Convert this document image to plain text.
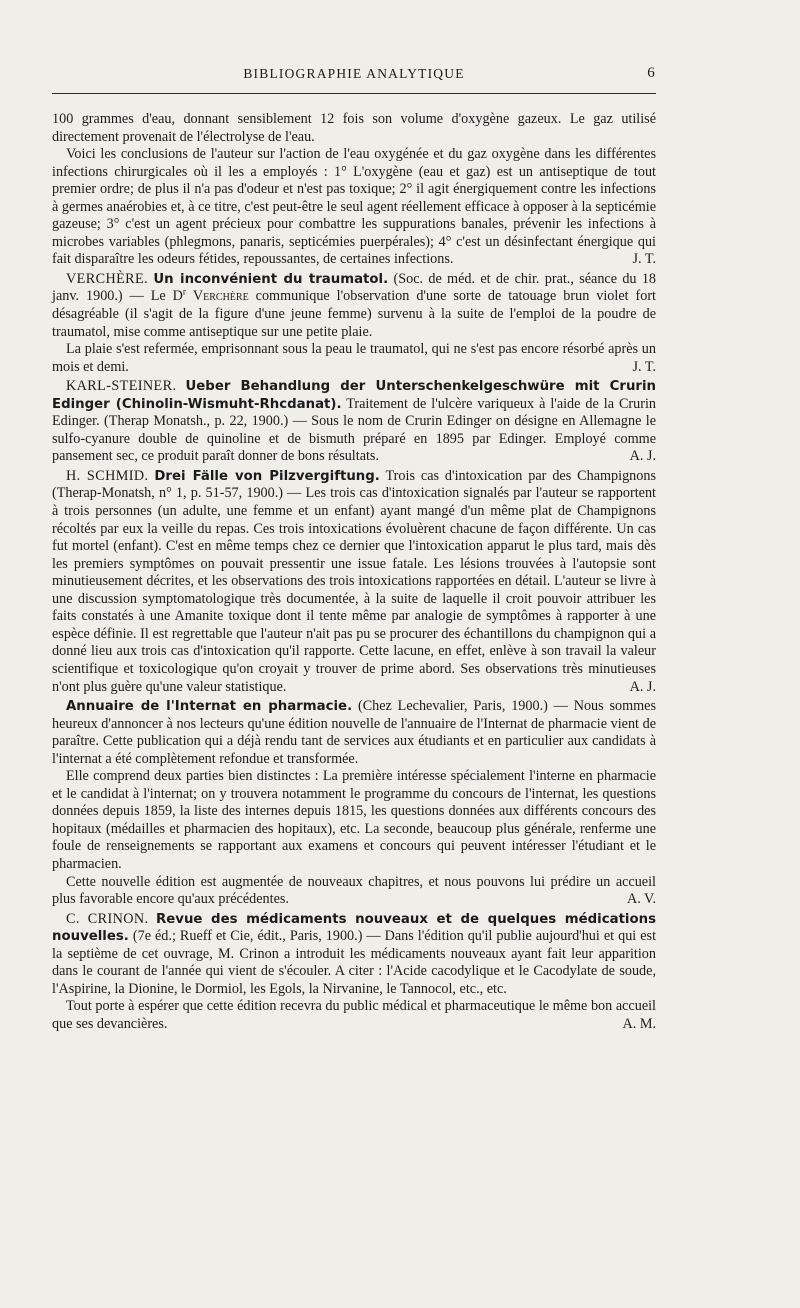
BIBLIOGRAPHIE ANALYTIQUE	6

100 grammes d'eau, donnant sensiblement 12 fois son volume d'oxygène gazeux. Le gaz utilisé directement provenait de l'électrolyse de l'eau.

Voici les conclusions de l'auteur sur l'action de l'eau oxygénée et du gaz oxygène dans les différentes infections chirurgicales où il les a employés : 1° L'oxygène (eau et gaz) est un antiseptique de tout premier ordre; de plus il n'a pas d'odeur et n'est pas toxique; 2° il agit énergiquement contre les infections à germes anaérobies et, à ce titre, c'est peut-être le seul agent réellement efficace à opposer à la septicémie gazeuse; 3° c'est un agent précieux pour combattre les suppurations banales, prévenir les infections à microbes variables (phlegmons, panaris, septicémies puerpérales); 4° c'est un désinfectant énergique qui fait disparaître les odeurs fétides, repoussantes, de certaines infections.	J. T.

VERCHÈRE. Un inconvénient du traumatol. (Soc. de méd. et de chir. prat., séance du 18 janv. 1900.) — Le $D^r$ Verchère communique l'observation d'une sorte de tatouage brun violet fort désagréable (il s'agit de la figure d'une jeune femme) survenu à la suite de l'emploi de la poudre de traumatol, mise comme antiseptique sur une petite plaie.

La plaie s'est refermée, emprisonnant sous la peau le traumatol, qui ne s'est pas encore résorbé après un mois et demi.	J. T.

KARL-STEINER. Ueber Behandlung der Unterschenkelgeschwüre mit Crurin Edinger (Chinolin-Wismuht-Rhcdanat). Traitement de l'ulcère variqueux à l'aide de la Crurin Edinger. (Therap Monatsh., p. 22, 1900.) — Sous le nom de Crurin Edinger on désigne en Allemagne le sulfo-cyanure double de quinoline et de bismuth préparé en 1895 par Edinger. Employé comme pansement sec, ce produit paraît donner de bons résultats.	A. J.

H. SCHMID. Drei Fälle von Pilzvergiftung. Trois cas d'intoxication par des Champignons (Therap-Monatsh, n° 1, p. 51-57, 1900.) — Les trois cas d'intoxication signalés par l'auteur se rapportent à trois personnes (un adulte, une femme et un enfant) ayant mangé d'un même plat de Champignons récoltés par eux la veille du repas. Ces trois intoxications évoluèrent chacune de façon différente. Un cas fut mortel (enfant). C'est en même temps chez ce dernier que l'intoxication apparut le plus tard, mais dès les premiers symptômes on pouvait pressentir une issue fatale. Les lésions trouvées à l'autopsie sont minutieusement décrites, et les observations des trois intoxications rapportées en détail. L'auteur se livre à une discussion symptomatologique très documentée, à la suite de laquelle il croit pouvoir attribuer les faits constatés à une Amanite toxique dont il tente même par analogie de symptômes à rapporter à une espèce définie. Il est regrettable que l'auteur n'ait pas pu se procurer des échantillons du champignon qui a donné lieu aux trois cas d'intoxication qu'il rapporte. Cette lacune, en effet, enlève à son travail la valeur scientifique et toxicologique qu'on croyait y trouver de prime abord. Ses observations très minutieuses n'ont plus guère qu'une valeur statistique.	A. J.

Annuaire de l'Internat en pharmacie. (Chez Lechevalier, Paris, 1900.) — Nous sommes heureux d'annoncer à nos lecteurs qu'une édition nouvelle de l'annuaire de l'Internat de pharmacie vient de paraître. Cette publication qui a déjà rendu tant de services aux étudiants et en particulier aux candidats à l'internat a été complètement refondue et transformée.

Elle comprend deux parties bien distinctes : La première intéresse spécialement l'interne en pharmacie et le candidat à l'internat; on y trouvera notamment le programme du concours de l'internat, les questions données depuis 1859, la liste des internes depuis 1815, les questions données aux différents concours des hopitaux (médailles et pharmacien des hopitaux), etc. La seconde, beaucoup plus générale, renferme une foule de renseignements se rapportant aux examens et concours qui peuvent intéresser l'étudiant et le pharmacien.

Cette nouvelle édition est augmentée de nouveaux chapitres, et nous pouvons lui prédire un accueil plus favorable encore qu'aux précédentes.	A. V.

C. CRINON. Revue des médicaments nouveaux et de quelques médications nouvelles. (7e éd.; Rueff et Cie, édit., Paris, 1900.) — Dans l'édition qu'il publie aujourd'hui et qui est la septième de cet ouvrage, M. Crinon a introduit les médicaments nouveaux ayant fait leur apparition dans le courant de l'année qui vient de s'écouler. A citer : l'Acide cacodylique et le Cacodylate de soude, l'Aspirine, la Dionine, le Dormiol, les Egols, la Nirvanine, le Tannocol, etc., etc.

Tout porte à espérer que cette édition recevra du public médical et pharmaceutique le même bon accueil que ses devancières.	A. M.
